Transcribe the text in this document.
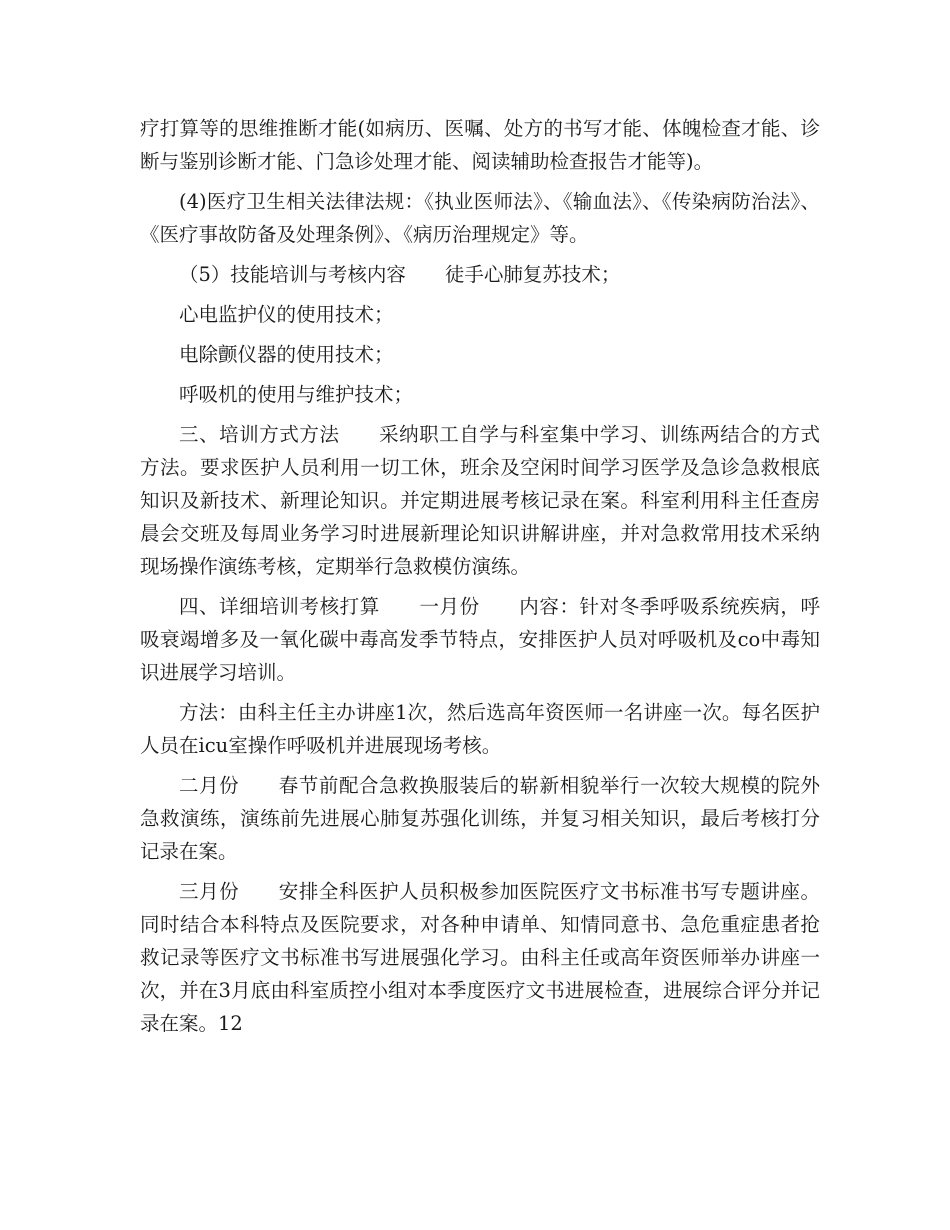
疗打算等的思维推断才能(如病历、医嘱、处方的书写才能、体魄检查才能、诊断与鉴别诊断才能、门急诊处理才能、阅读辅助检查报告才能等)。

(4)医疗卫生相关法律法规：《执业医师法》、《输血法》、《传染病防治法》、《医疗事故防备及处理条例》、《病历治理规定》等。

（5）技能培训与考核内容 徒手心肺复苏技术；

心电监护仪的使用技术；

电除颤仪器的使用技术；

呼吸机的使用与维护技术；

三、培训方式方法 采纳职工自学与科室集中学习、训练两结合的方式方法。要求医护人员利用一切工休，班余及空闲时间学习医学及急诊急救根底知识及新技术、新理论知识。并定期进展考核记录在案。科室利用科主任查房晨会交班及每周业务学习时进展新理论知识讲解讲座，并对急救常用技术采纳现场操作演练考核，定期举行急救模仿演练。

四、详细培训考核打算 一月份 内容：针对冬季呼吸系统疾病，呼吸衰竭增多及一氧化碳中毒高发季节特点，安排医护人员对呼吸机及co中毒知识进展学习培训。

方法：由科主任主办讲座1次，然后选高年资医师一名讲座一次。每名医护人员在icu室操作呼吸机并进展现场考核。

二月份 春节前配合急救换服装后的崭新相貌举行一次较大规模的院外急救演练，演练前先进展心肺复苏强化训练，并复习相关知识，最后考核打分记录在案。

三月份 安排全科医护人员积极参加医院医疗文书标准书写专题讲座。同时结合本科特点及医院要求，对各种申请单、知情同意书、急危重症患者抢救记录等医疗文书标准书写进展强化学习。由科主任或高年资医师举办讲座一次，并在3月底由科室质控小组对本季度医疗文书进展检查，进展综合评分并记录在案。12
